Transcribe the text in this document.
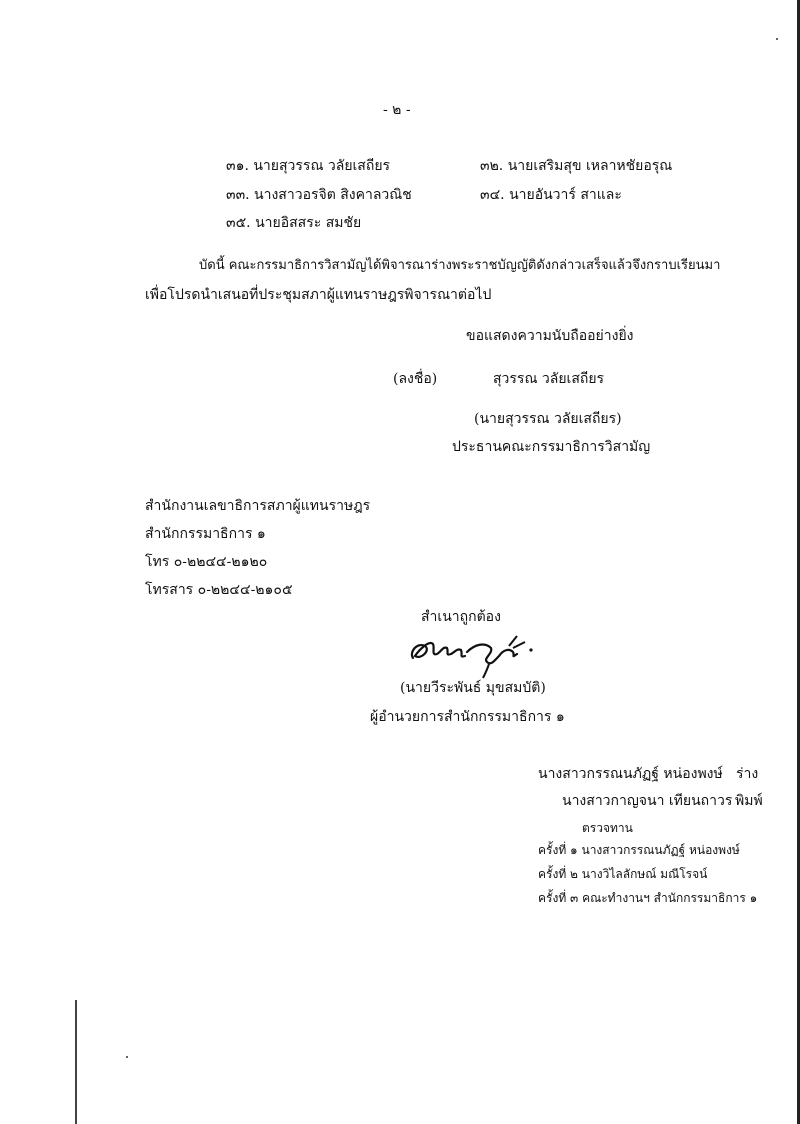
- ๒ -
๓๑. นายสุวรรณ วลัยเสถียร	๓๒. นายเสริมสุข เหลาหชัยอรุณ
๓๓. นางสาวอรจิต สิงคาลวณิช	๓๔. นายอันวาร์ สาและ
๓๕. นายอิสสระ สมชัย
บัดนี้ คณะกรรมาธิการวิสามัญได้พิจารณาร่างพระราชบัญญัติดังกล่าวเสร็จแล้วจึงกราบเรียนมา
เพื่อโปรดนำเสนอที่ประชุมสภาผู้แทนราษฎรพิจารณาต่อไป
ขอแสดงความนับถืออย่างยิ่ง
(ลงชื่อ)	สุวรรณ วลัยเสถียร
(นายสุวรรณ วลัยเสถียร)
ประธานคณะกรรมาธิการวิสามัญ
สำนักงานเลขาธิการสภาผู้แทนราษฎร
สำนักกรรมาธิการ ๑
โทร ๐-๒๒๔๔-๒๑๒๐
โทรสาร ๐-๒๒๔๔-๒๑๐๕
สำเนาถูกต้อง
(นายวีระพันธ์ มุขสมบัติ)
ผู้อำนวยการสำนักกรรมาธิการ ๑
นางสาวกรรณนภัฏฐ์ หน่องพงษ์ ร่าง
นางสาวกาญจนา เทียนถาวร พิมพ์
ตรวจทาน
ครั้งที่ ๑ นางสาวกรรณนภัฏฐ์ หน่องพงษ์
ครั้งที่ ๒ นางวิไลลักษณ์ มณีโรจน์
ครั้งที่ ๓ คณะทำงานฯ สำนักกรรมาธิการ ๑
